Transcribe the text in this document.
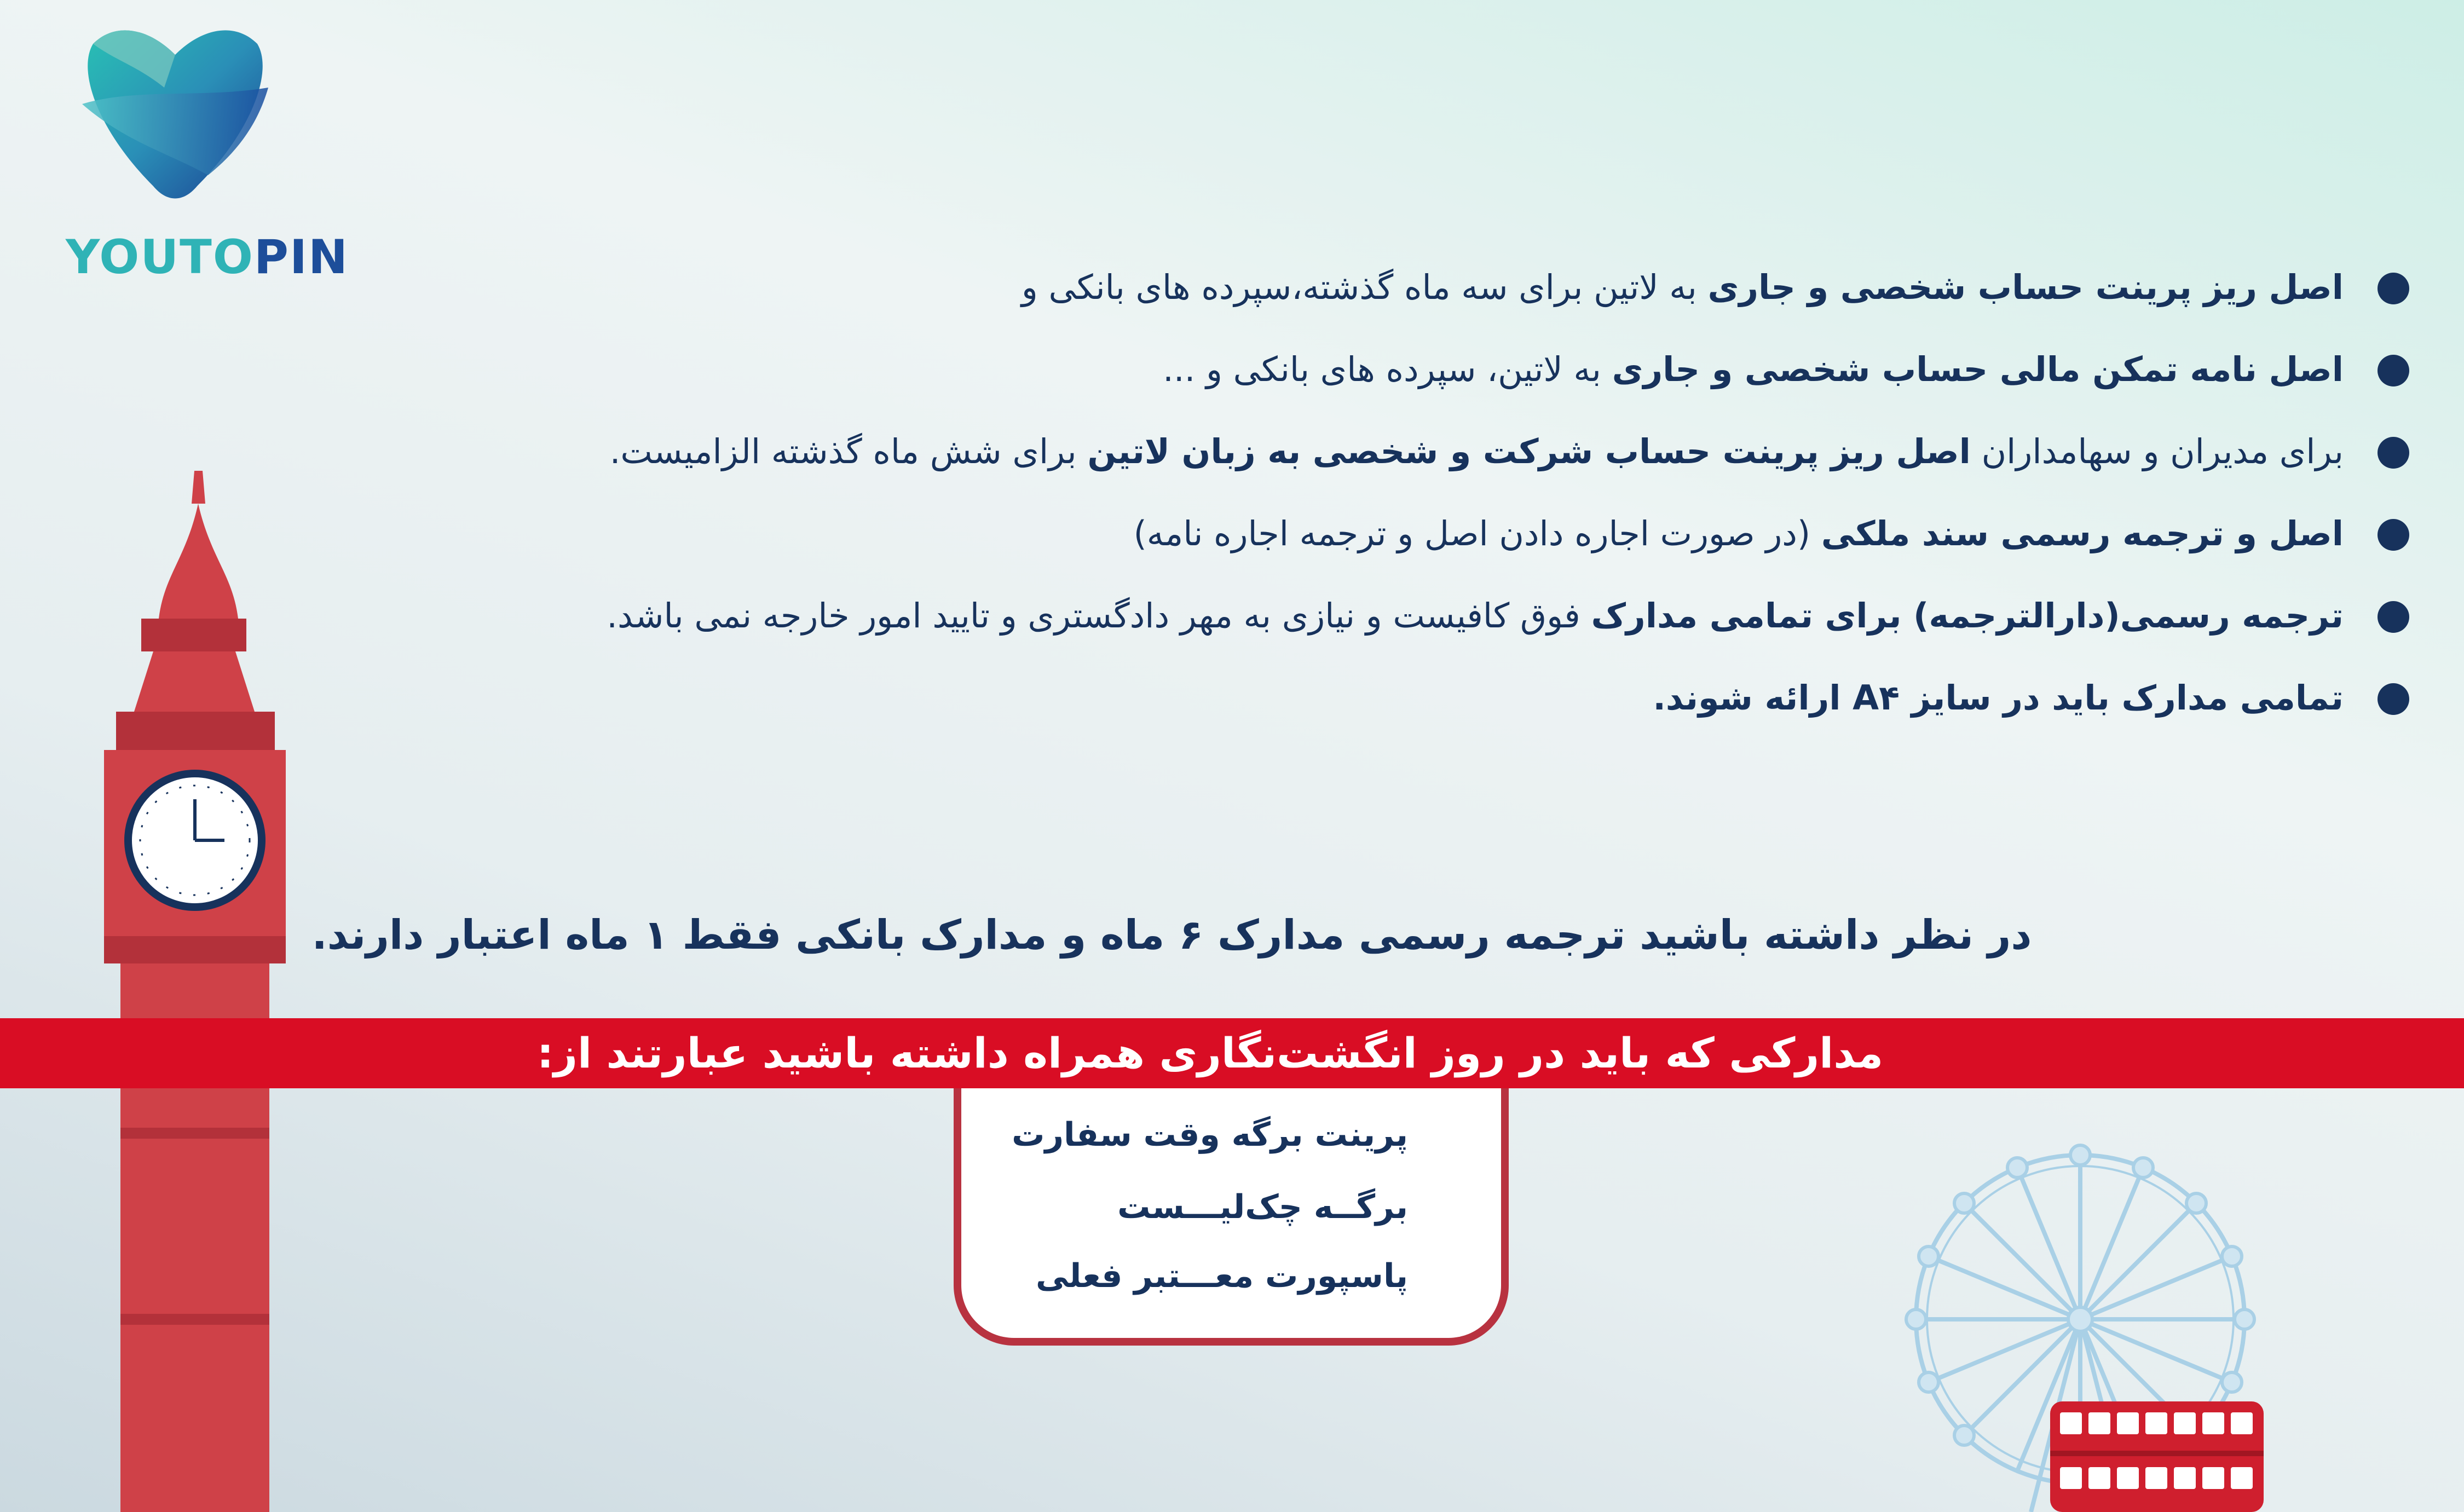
YOUTOPIN
اصل ریز پرینت حساب شخصی و جاری به لاتین برای سه ماه گذشته،سپرده های بانکی و
اصل نامه تمکن مالی حساب شخصی و جاری به لاتین، سپرده های بانکی و ...
برای مدیران و سهامداران اصل ریز پرینت حساب شرکت و شخصی به زبان لاتین برای شش ماه گذشته الزامیست.
اصل و ترجمه رسمی سند ملکی (در صورت اجاره دادن اصل و ترجمه اجاره نامه)
ترجمه رسمی(دارالترجمه) برای تمامی مدارک فوق کافیست و نیازی به مهر دادگستری و تایید امور خارجه نمی باشد.
تمامی مدارک باید در سایز A۴ ارائه شوند.
در نظر داشته باشید ترجمه رسمی مدارک ۶ ماه و مدارک بانکی فقط ۱ ماه اعتبار دارند.
مدارکی که باید در روز انگشت‌نگاری همراه داشته باشید عبارتند از:
پرینت برگه وقت سفارت
برگــه چک‌لیـــست
پاسپورت معـــتبر فعلی
